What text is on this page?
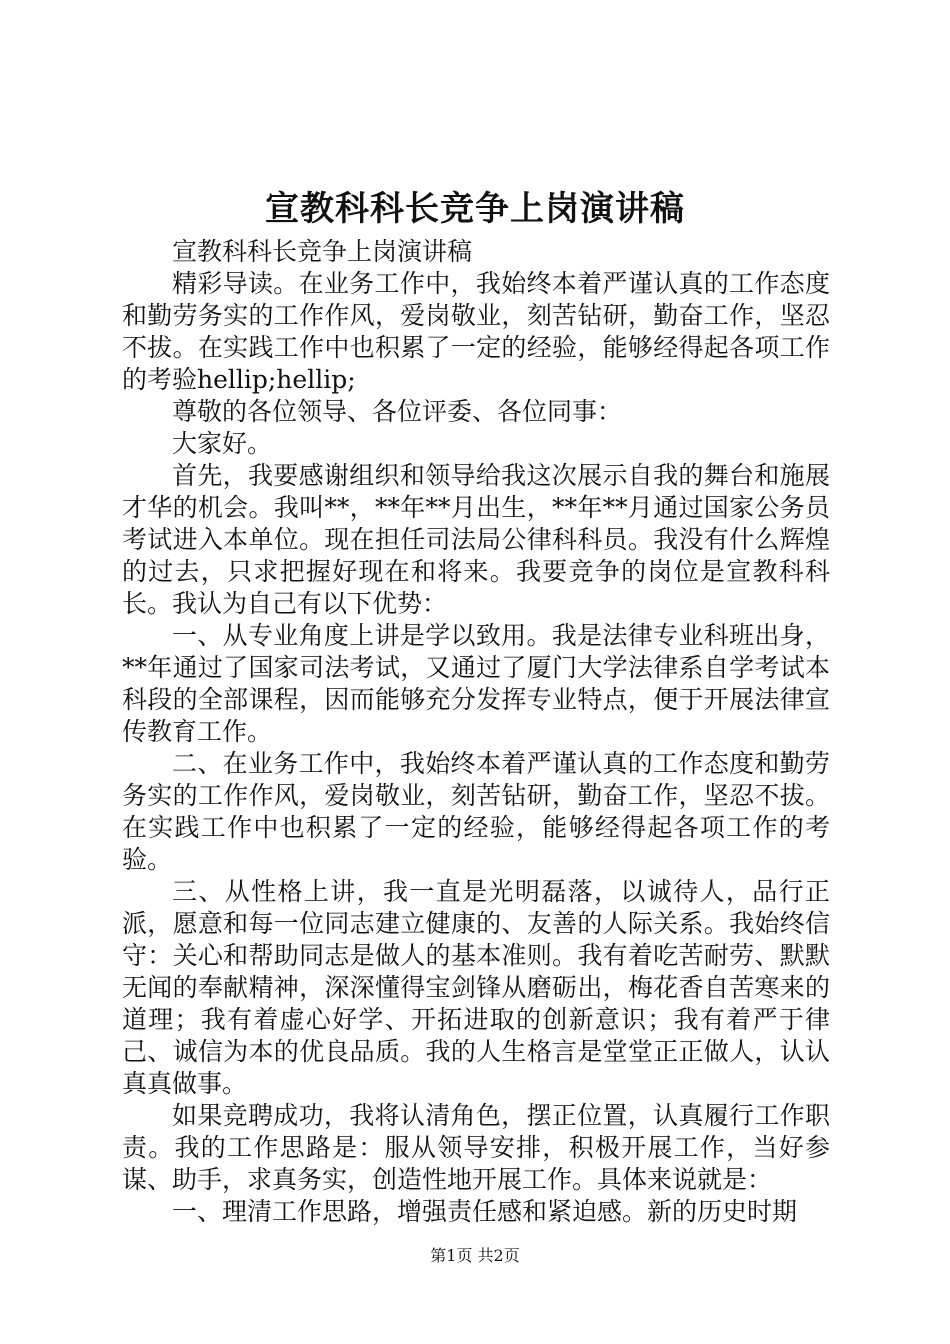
宣教科科长竞争上岗演讲稿

宣教科科长竞争上岗演讲稿

精彩导读。在业务工作中，我始终本着严谨认真的工作态度和勤劳务实的工作作风，爱岗敬业，刻苦钻研，勤奋工作，坚忍不拔。在实践工作中也积累了一定的经验，能够经得起各项工作的考验hellip;hellip;

尊敬的各位领导、各位评委、各位同事：

大家好。

首先，我要感谢组织和领导给我这次展示自我的舞台和施展才华的机会。我叫**，**年**月出生，**年**月通过国家公务员考试进入本单位。现在担任司法局公律科科员。我没有什么辉煌的过去，只求把握好现在和将来。我要竞争的岗位是宣教科科长。我认为自己有以下优势：

一、从专业角度上讲是学以致用。我是法律专业科班出身，**年通过了国家司法考试，又通过了厦门大学法律系自学考试本科段的全部课程，因而能够充分发挥专业特点，便于开展法律宣传教育工作。

二、在业务工作中，我始终本着严谨认真的工作态度和勤劳务实的工作作风，爱岗敬业，刻苦钻研，勤奋工作，坚忍不拔。在实践工作中也积累了一定的经验，能够经得起各项工作的考验。

三、从性格上讲，我一直是光明磊落，以诚待人，品行正派，愿意和每一位同志建立健康的、友善的人际关系。我始终信守：关心和帮助同志是做人的基本准则。我有着吃苦耐劳、默默无闻的奉献精神，深深懂得宝剑锋从磨砺出，梅花香自苦寒来的道理；我有着虚心好学、开拓进取的创新意识；我有着严于律己、诚信为本的优良品质。我的人生格言是堂堂正正做人，认认真真做事。

如果竞聘成功，我将认清角色，摆正位置，认真履行工作职责。我的工作思路是：服从领导安排，积极开展工作，当好参谋、助手，求真务实，创造性地开展工作。具体来说就是：

一、理清工作思路，增强责任感和紧迫感。新的历史时期

第1页 共2页
